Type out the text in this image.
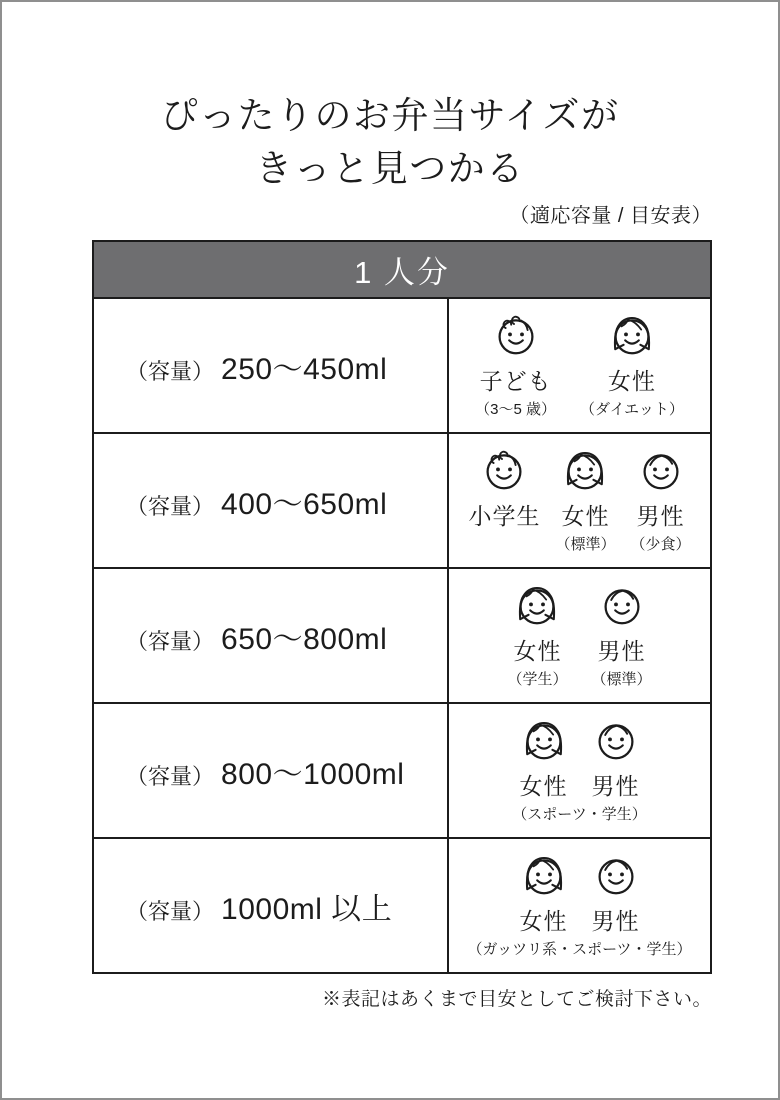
ぴったりのお弁当サイズが
きっと見つかる
（適応容量 / 目安表）
1 人分
（容量） 250〜450ml	子ども
（3〜5 歳）
女性
（ダイエット）
（容量） 400〜650ml	小学生 女性
（標準）
男性
（少食）
（容量） 650〜800ml	女性
（学生）
男性
（標準）
（容量） 800〜1000ml	女性 男性
（スポーツ・学生）
（容量） 1000ml 以上	女性 男性
（ガッツリ系・スポーツ・学生）
※表記はあくまで目安としてご検討下さい。
